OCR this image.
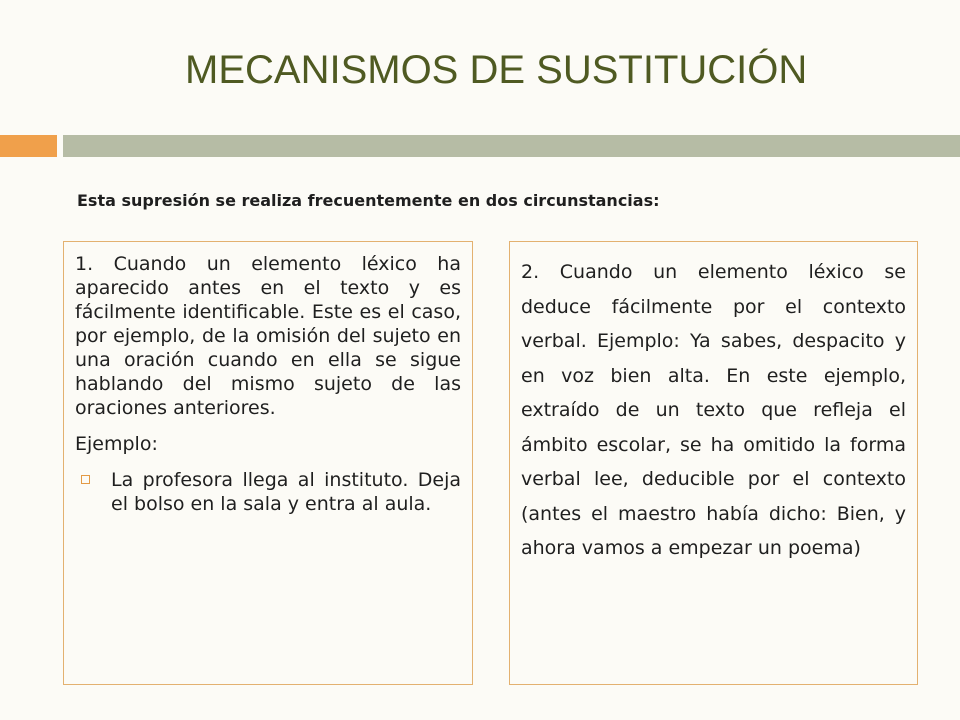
MECANISMOS DE SUSTITUCIÓN
Esta supresión se realiza frecuentemente en dos circunstancias:

1. Cuando un elemento léxico ha aparecido antes en el texto y es fácilmente identificable. Este es el caso, por ejemplo, de la omisión del sujeto en una oración cuando en ella se sigue hablando del mismo sujeto de las oraciones anteriores.

Ejemplo:

La profesora llega al instituto. Deja el bolso en la sala y entra al aula.

2. Cuando un elemento léxico se deduce fácilmente por el contexto verbal. Ejemplo: Ya sabes, despacito y en voz bien alta. En este ejemplo, extraído de un texto que refleja el ámbito escolar, se ha omitido la forma verbal lee, deducible por el contexto (antes el maestro había dicho: Bien, y ahora vamos a empezar un poema)
